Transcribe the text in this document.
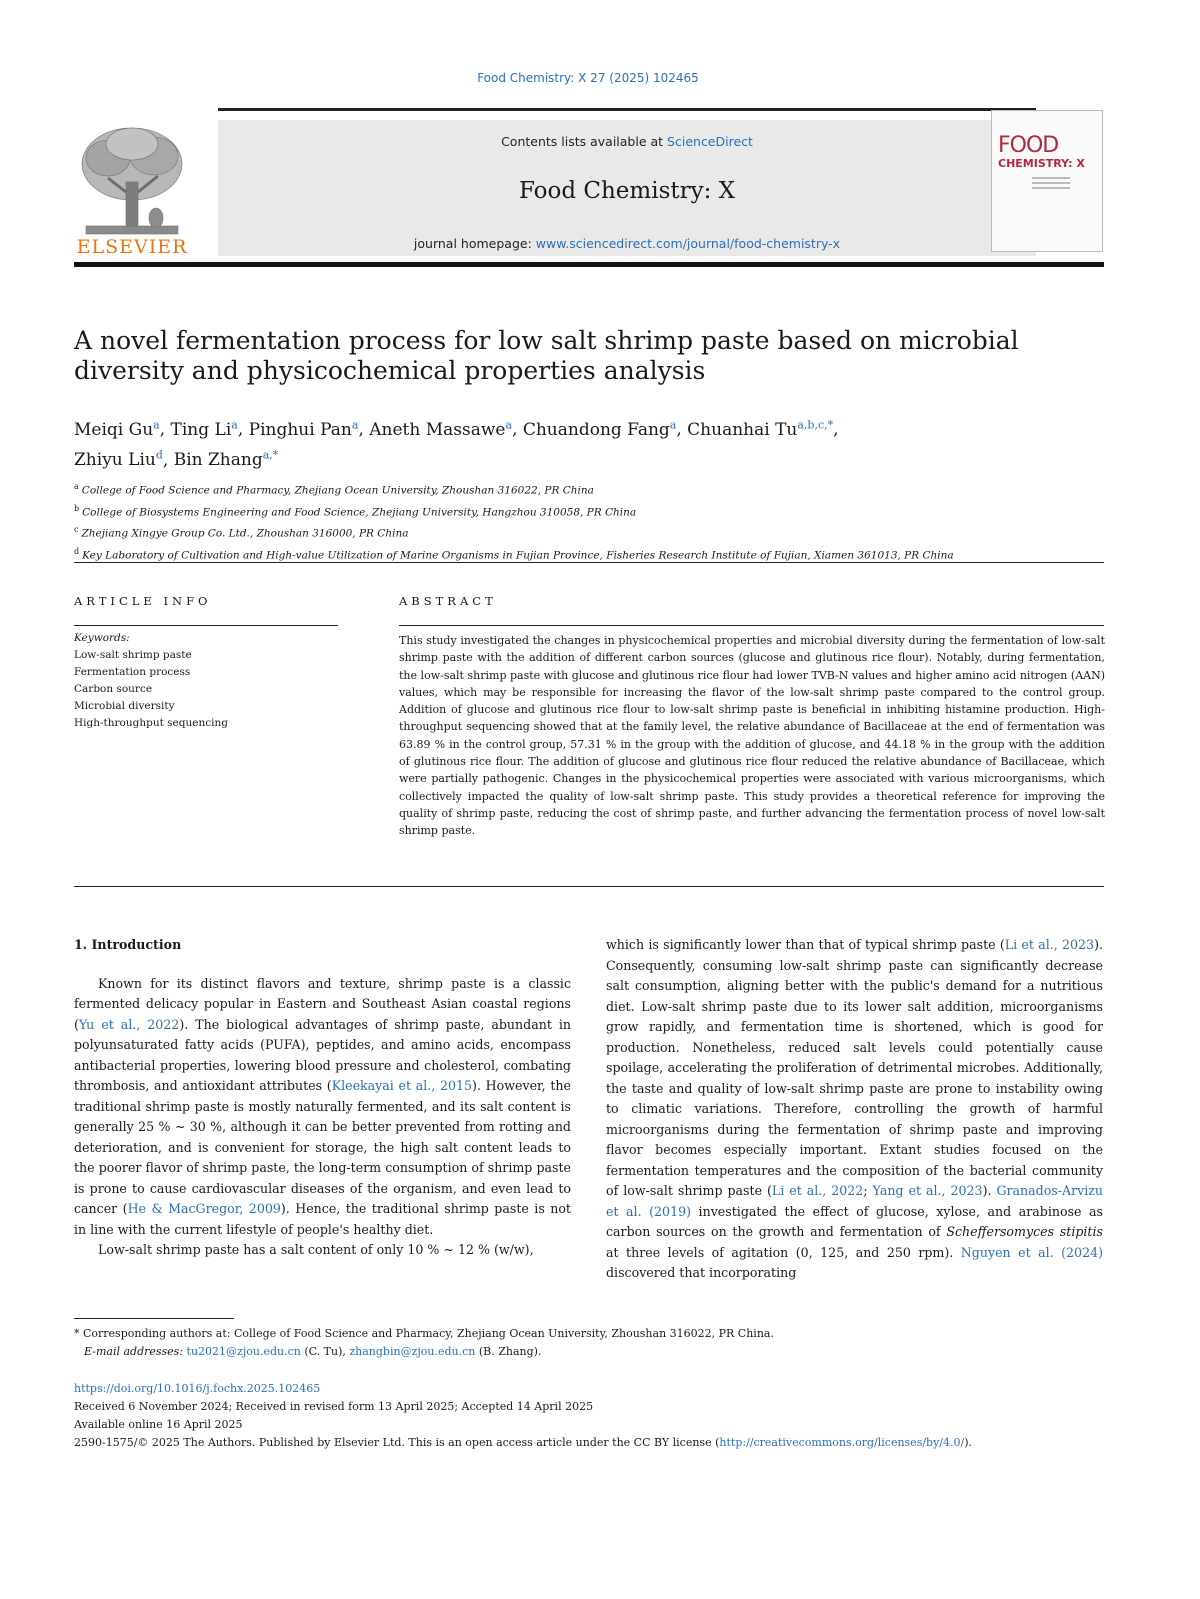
Food Chemistry: X 27 (2025) 102465
ELSEVIER
Contents lists available at ScienceDirect
Food Chemistry: X
journal homepage: www.sciencedirect.com/journal/food-chemistry-x
FOOD
CHEMISTRY: X
A novel fermentation process for low salt shrimp paste based on microbial diversity and physicochemical properties analysis
Meiqi Gu$^a$, Ting Li$^a$, Pinghui Pan$^a$, Aneth Massawe$^a$, Chuandong Fang$^a$, Chuanhai $Tu^{a,b,c,*}$,
Zhiyu Liu$^d$, Bin Zhang$^{a,*}$
$^a$ College of Food Science and Pharmacy, Zhejiang Ocean University, Zhoushan 316022, PR China
$^b$ College of Biosystems Engineering and Food Science, Zhejiang University, Hangzhou 310058, PR China
$^c$ Zhejiang Xingye Group Co. Ltd., Zhoushan 316000, PR China
$^d$ Key Laboratory of Cultivation and High-value Utilization of Marine Organisms in Fujian Province, Fisheries Research Institute of Fujian, Xiamen 361013, PR China
ARTICLE INFO	ABSTRACT
Keywords:
Low-salt shrimp paste
Fermentation process
Carbon source
Microbial diversity
High-throughput sequencing
This study investigated the changes in physicochemical properties and microbial diversity during the fermentation of low-salt shrimp paste with the addition of different carbon sources (glucose and glutinous rice flour). Notably, during fermentation, the low-salt shrimp paste with glucose and glutinous rice flour had lower TVB-N values and higher amino acid nitrogen (AAN) values, which may be responsible for increasing the flavor of the low-salt shrimp paste compared to the control group. Addition of glucose and glutinous rice flour to low-salt shrimp paste is beneficial in inhibiting histamine production. High-throughput sequencing showed that at the family level, the relative abundance of Bacillaceae at the end of fermentation was 63.89 % in the control group, 57.31 % in the group with the addition of glucose, and 44.18 % in the group with the addition of glutinous rice flour. The addition of glucose and glutinous rice flour reduced the relative abundance of Bacillaceae, which were partially pathogenic. Changes in the physicochemical properties were associated with various microorganisms, which collectively impacted the quality of low-salt shrimp paste. This study provides a theoretical reference for improving the quality of shrimp paste, reducing the cost of shrimp paste, and further advancing the fermentation process of novel low-salt shrimp paste.
1. Introduction

Known for its distinct flavors and texture, shrimp paste is a classic fermented delicacy popular in Eastern and Southeast Asian coastal regions (Yu et al., 2022). The biological advantages of shrimp paste, abundant in polyunsaturated fatty acids (PUFA), peptides, and amino acids, encompass antibacterial properties, lowering blood pressure and cholesterol, combating thrombosis, and antioxidant attributes (Kleekayai et al., 2015). However, the traditional shrimp paste is mostly naturally fermented, and its salt content is generally 25 % ~ 30 %, although it can be better prevented from rotting and deterioration, and is convenient for storage, the high salt content leads to the poorer flavor of shrimp paste, the long-term consumption of shrimp paste is prone to cause cardiovascular diseases of the organism, and even lead to cancer (He & MacGregor, 2009). Hence, the traditional shrimp paste is not in line with the current lifestyle of people's healthy diet.

Low-salt shrimp paste has a salt content of only 10 % ~ 12 % (w/w),

which is significantly lower than that of typical shrimp paste (Li et al., 2023). Consequently, consuming low-salt shrimp paste can significantly decrease salt consumption, aligning better with the public's demand for a nutritious diet. Low-salt shrimp paste due to its lower salt addition, microorganisms grow rapidly, and fermentation time is shortened, which is good for production. Nonetheless, reduced salt levels could potentially cause spoilage, accelerating the proliferation of detrimental microbes. Additionally, the taste and quality of low-salt shrimp paste are prone to instability owing to climatic variations. Therefore, controlling the growth of harmful microorganisms during the fermentation of shrimp paste and improving flavor becomes especially important. Extant studies focused on the fermentation temperatures and the composition of the bacterial community of low-salt shrimp paste (Li et al., 2022; Yang et al., 2023). Granados-Arvizu et al. (2019) investigated the effect of glucose, xylose, and arabinose as carbon sources on the growth and fermentation of Scheffersomyces stipitis at three levels of agitation (0, 125, and 250 rpm). Nguyen et al. (2024) discovered that incorporating

* Corresponding authors at: College of Food Science and Pharmacy, Zhejiang Ocean University, Zhoushan 316022, PR China.
E-mail addresses: tu2021@zjou.edu.cn (C. Tu), zhangbin@zjou.edu.cn (B. Zhang).
https://doi.org/10.1016/j.fochx.2025.102465
Received 6 November 2024; Received in revised form 13 April 2025; Accepted 14 April 2025
Available online 16 April 2025
2590-1575/© 2025 The Authors. Published by Elsevier Ltd. This is an open access article under the CC BY license (http://creativecommons.org/licenses/by/4.0/).
